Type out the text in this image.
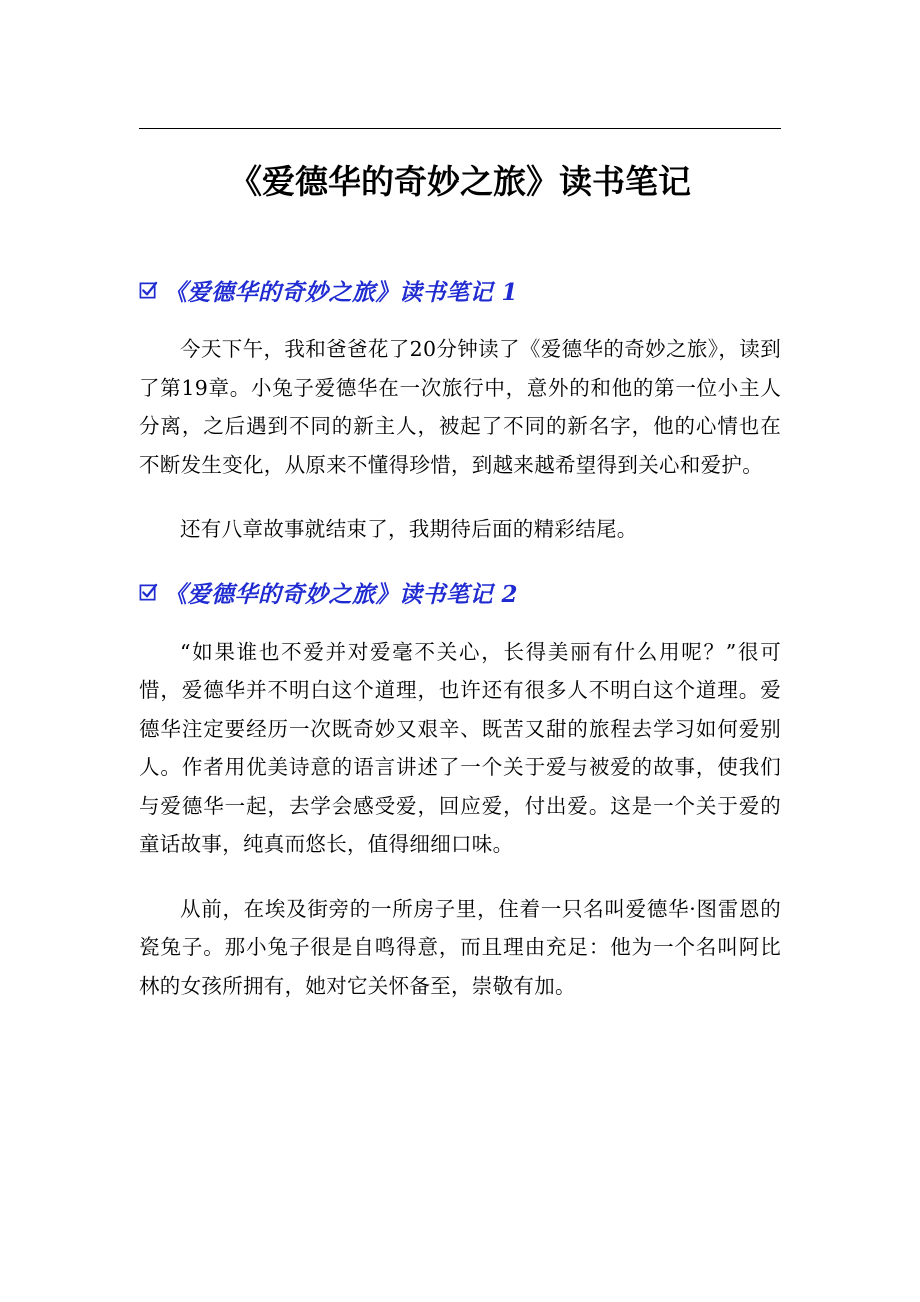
《爱德华的奇妙之旅》读书笔记
《爱德华的奇妙之旅》读书笔记 1

今天下午，我和爸爸花了20分钟读了《爱德华的奇妙之旅》，读到了第19章。小兔子爱德华在一次旅行中，意外的和他的第一位小主人分离，之后遇到不同的新主人，被起了不同的新名字，他的心情也在不断发生变化，从原来不懂得珍惜，到越来越希望得到关心和爱护。

还有八章故事就结束了，我期待后面的精彩结尾。

《爱德华的奇妙之旅》读书笔记 2

“如果谁也不爱并对爱毫不关心，长得美丽有什么用呢？”很可惜，爱德华并不明白这个道理，也许还有很多人不明白这个道理。爱德华注定要经历一次既奇妙又艰辛、既苦又甜的旅程去学习如何爱别人。作者用优美诗意的语言讲述了一个关于爱与被爱的故事，使我们与爱德华一起，去学会感受爱，回应爱，付出爱。这是一个关于爱的童话故事，纯真而悠长，值得细细口味。

从前，在埃及街旁的一所房子里，住着一只名叫爱德华·图雷恩的瓷兔子。那小兔子很是自鸣得意，而且理由充足：他为一个名叫阿比林的女孩所拥有，她对它关怀备至，崇敬有加。
